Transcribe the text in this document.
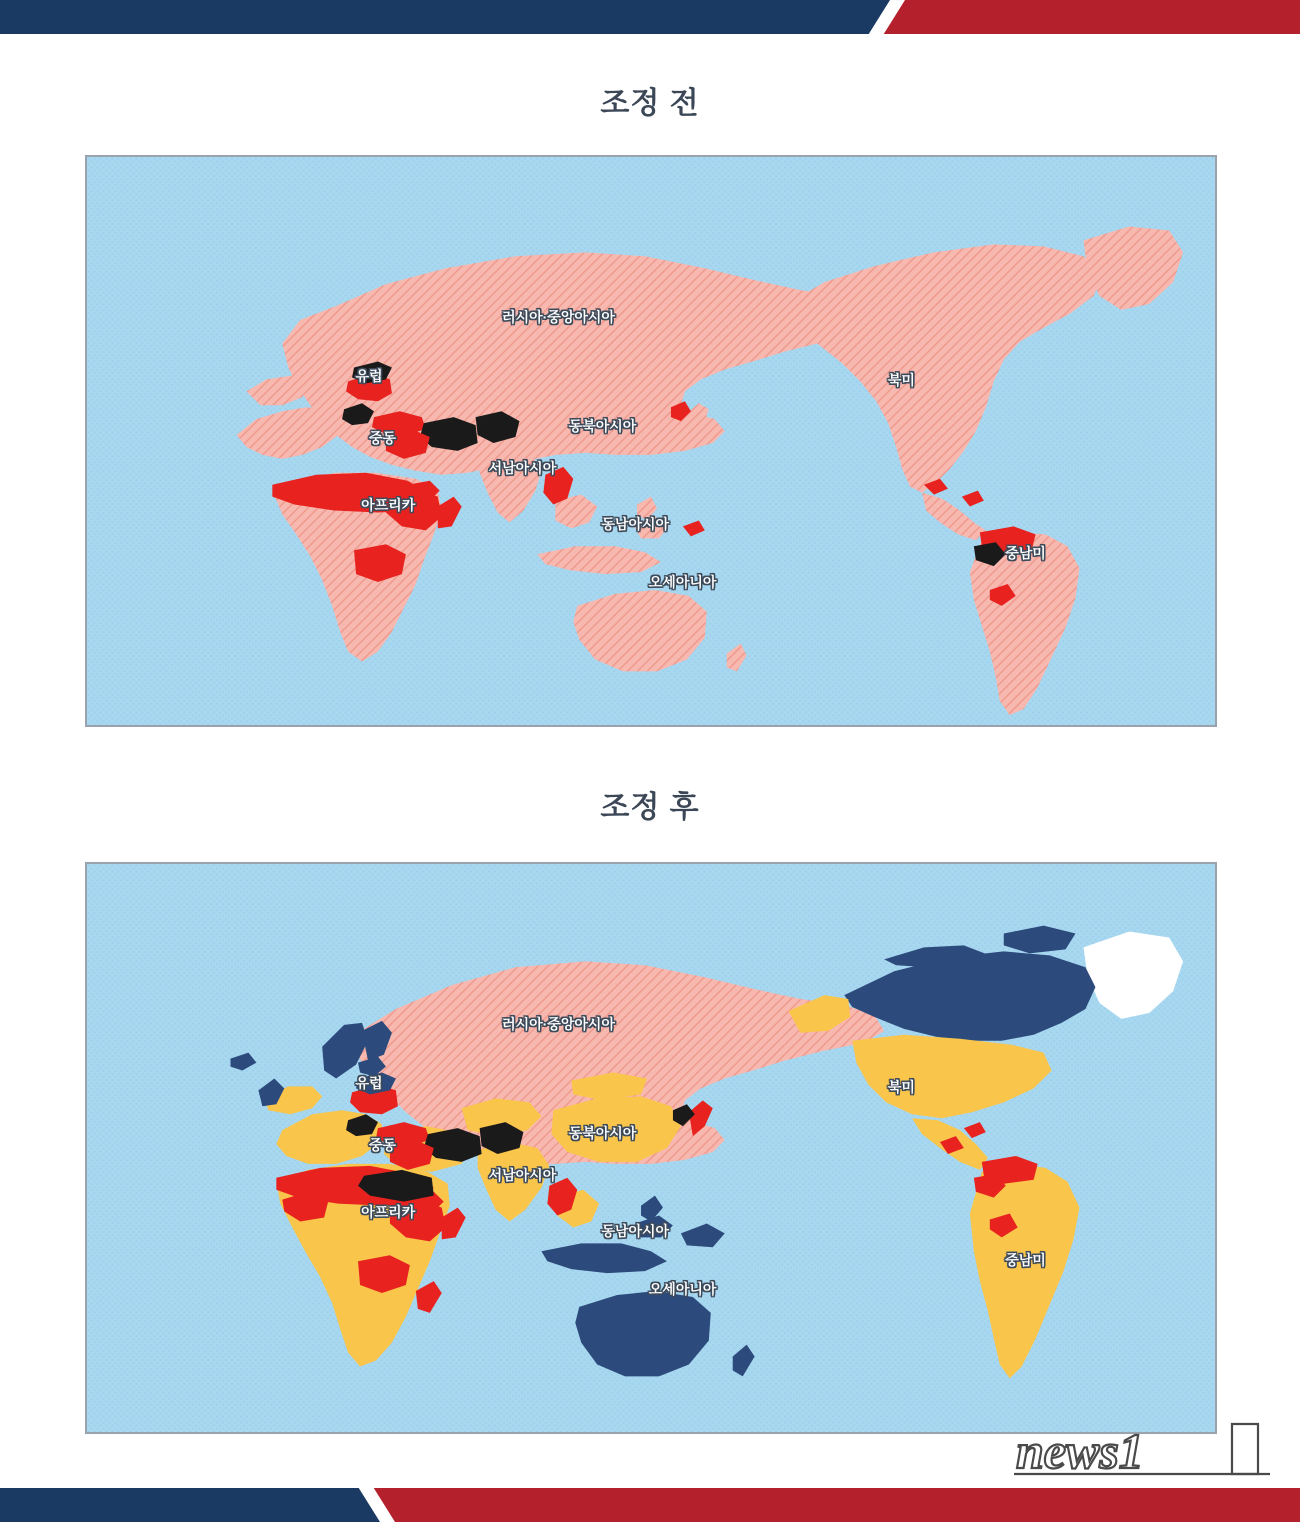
조정 전
러시아·중앙아시아
유럽
중동
아프리카
서남아시아
동북아시아
동남아시아
오세아니아
북미
중남미
조정 후
러시아·중앙아시아
유럽
중동
아프리카
서남아시아
동북아시아
동남아시아
오세아니아
북미
중남미
news1
